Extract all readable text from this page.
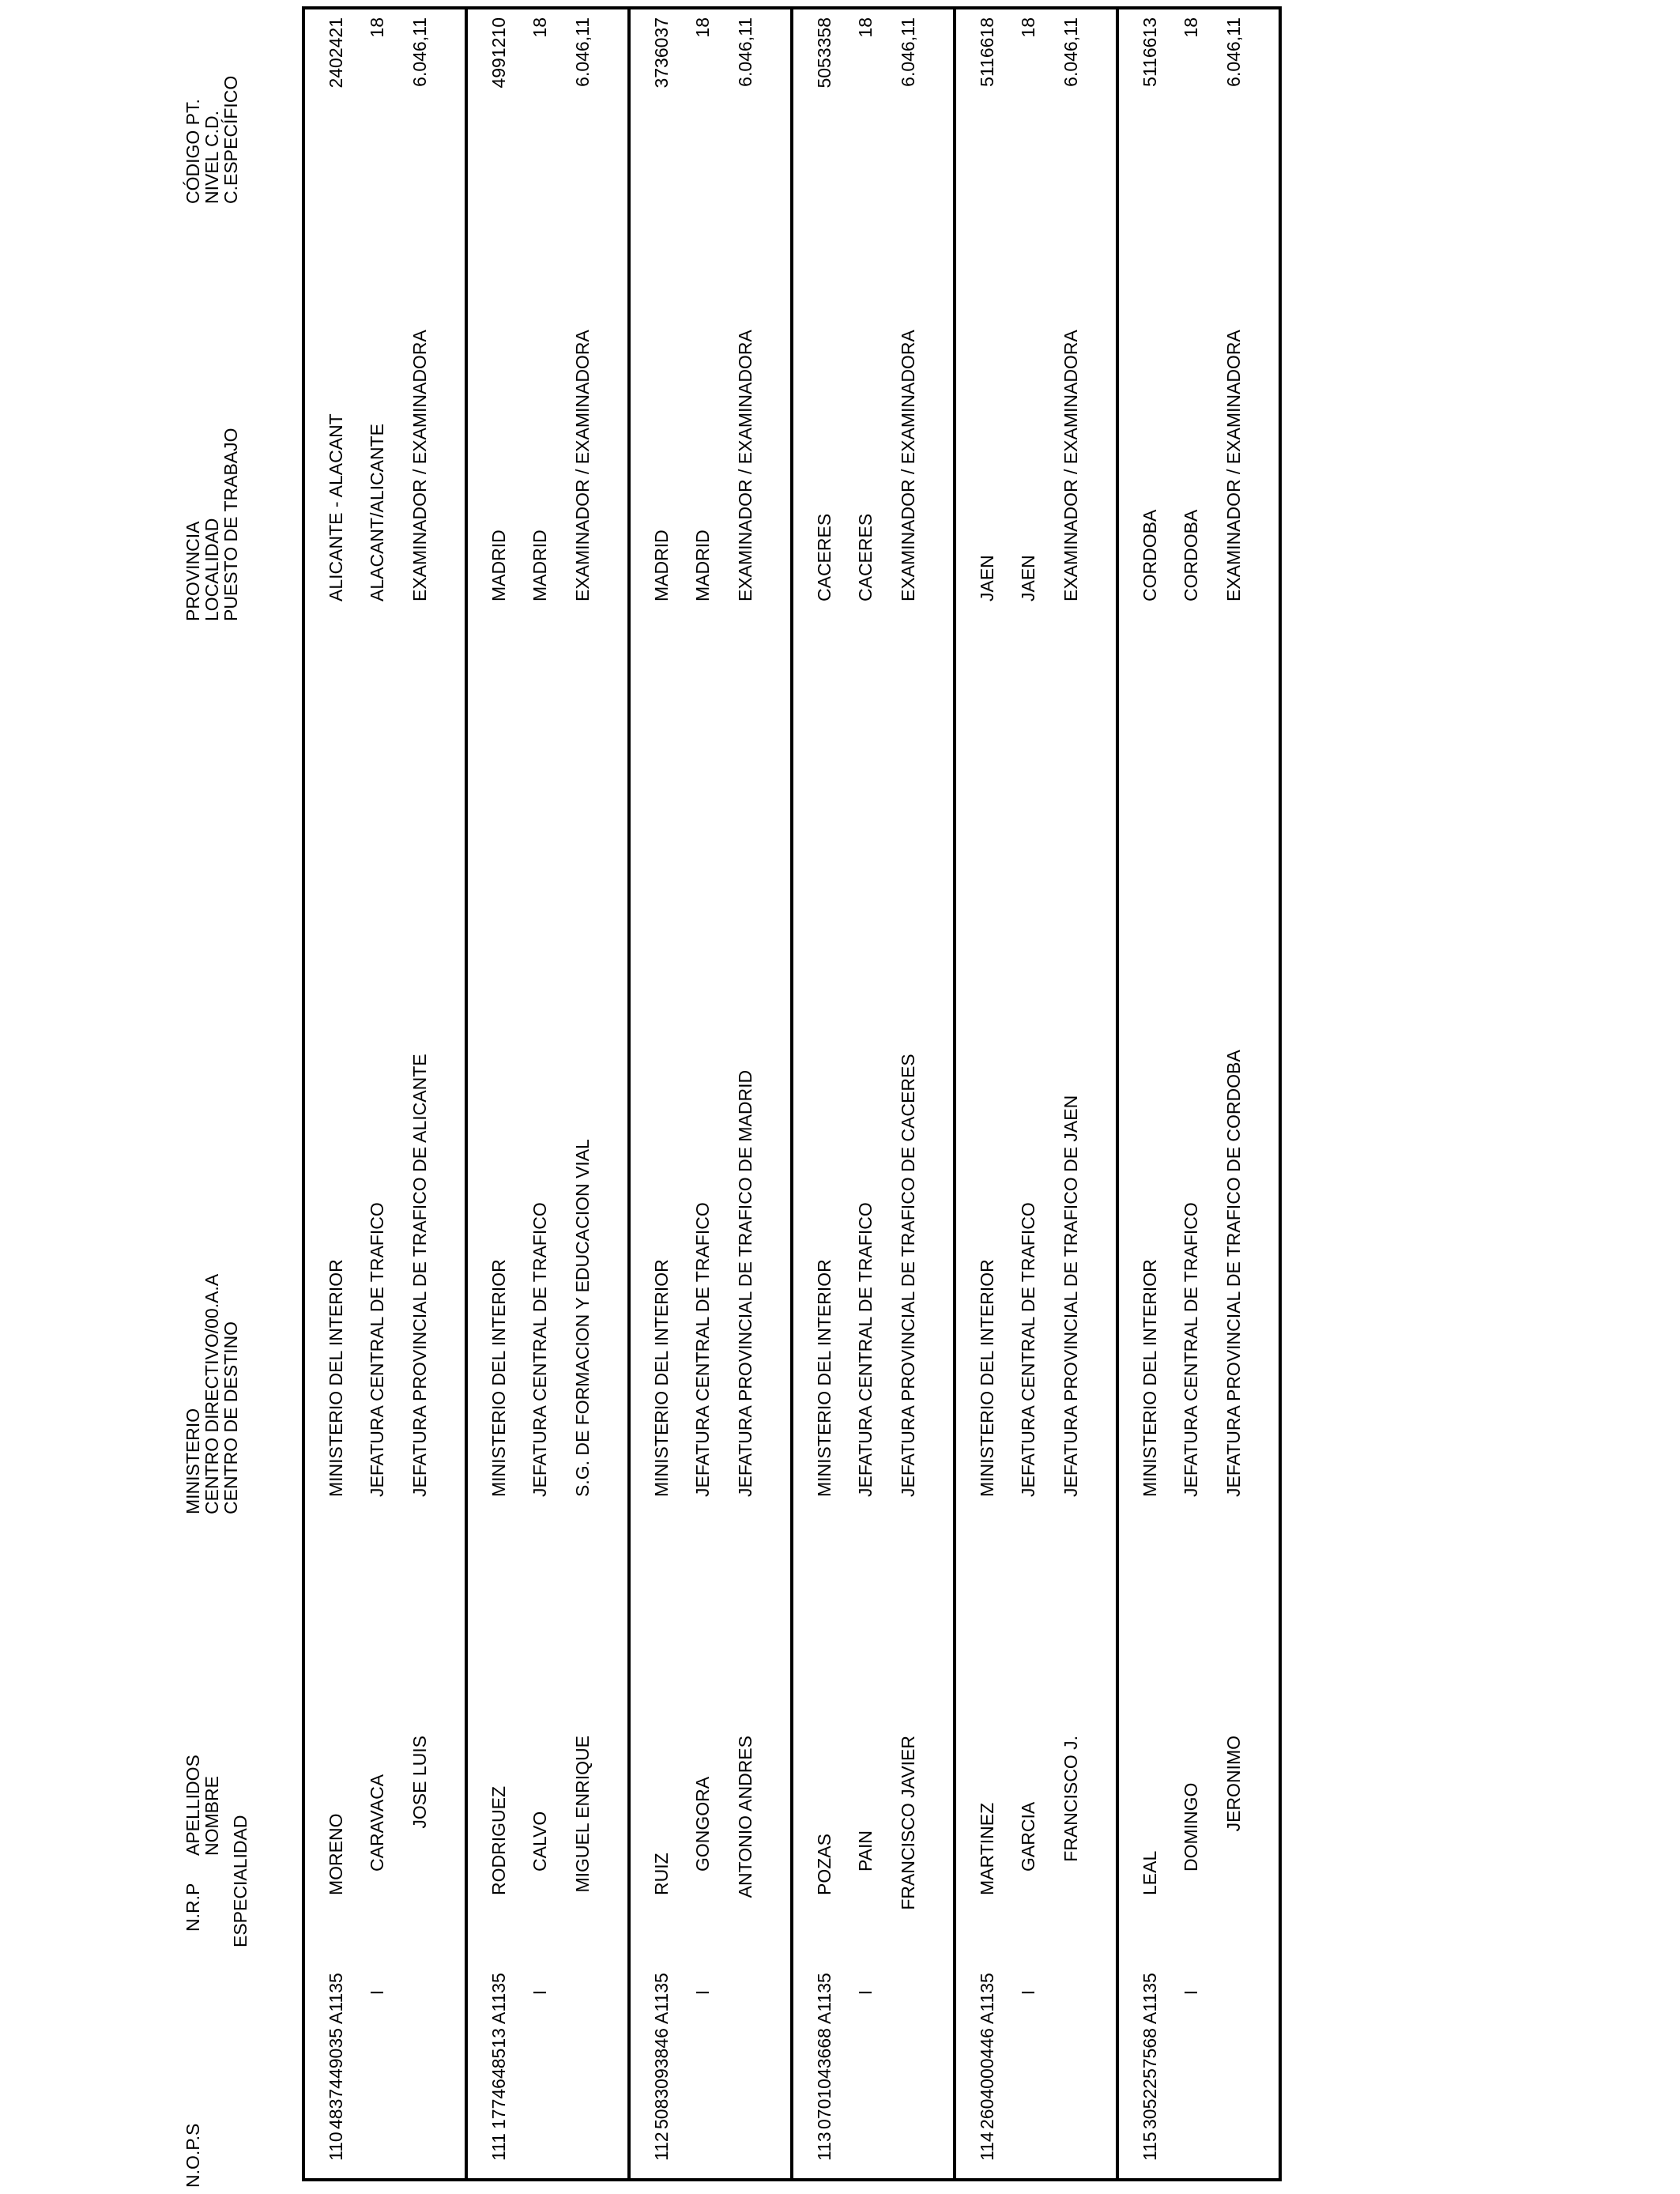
N.O.P.S
N.R.P ESPECIALIDAD
APELLIDOS
NOMBRE
MINISTERIO
CENTRO DIRECTIVO/00.A.A
CENTRO DE DESTINO
PROVINCIA
LOCALIDAD
PUESTO DE TRABAJO
CÓDIGO PT.
NIVEL C.D.
C.ESPECÍFICO
110
4837449035 A1135 I
MORENO CARAVACA JOSE LUIS
MINISTERIO DEL INTERIOR JEFATURA CENTRAL DE TRAFICO JEFATURA PROVINCIAL DE TRAFICO DE ALICANTE
ALICANTE - ALACANT ALACANT/ALICANTE EXAMINADOR / EXAMINADORA
2402421 18 6.046,11
111
1774648513 A1135 I
RODRIGUEZ CALVO MIGUEL ENRIQUE
MINISTERIO DEL INTERIOR JEFATURA CENTRAL DE TRAFICO S.G. DE FORMACION Y EDUCACION VIAL
MADRID MADRID EXAMINADOR / EXAMINADORA
4991210 18 6.046,11
112
5083093846 A1135 I
RUIZ
GONGORA ANTONIO ANDRES
MINISTERIO DEL INTERIOR JEFATURA CENTRAL DE TRAFICO JEFATURA PROVINCIAL DE TRAFICO DE MADRID
MADRID MADRID EXAMINADOR / EXAMINADORA
3736037 18 6.046,11
113
0701043668 A1135 I
POZAS PAIN FRANCISCO JAVIER
MINISTERIO DEL INTERIOR JEFATURA CENTRAL DE TRAFICO JEFATURA PROVINCIAL DE TRAFICO DE CACERES
CACERES CACERES EXAMINADOR / EXAMINADORA
5053358 18 6.046,11
114
2604000446 A1135 I
MARTINEZ GARCIA FRANCISCO J.
MINISTERIO DEL INTERIOR JEFATURA CENTRAL DE TRAFICO JEFATURA PROVINCIAL DE TRAFICO DE JAEN
JAEN JAEN EXAMINADOR / EXAMINADORA
5116618 18 6.046,11
115
3052257568 A1135 I
LEAL
DOMINGO JERONIMO
MINISTERIO DEL INTERIOR JEFATURA CENTRAL DE TRAFICO JEFATURA PROVINCIAL DE TRAFICO DE CORDOBA
CORDOBA CORDOBA EXAMINADOR / EXAMINADORA
5116613 18 6.046,11
